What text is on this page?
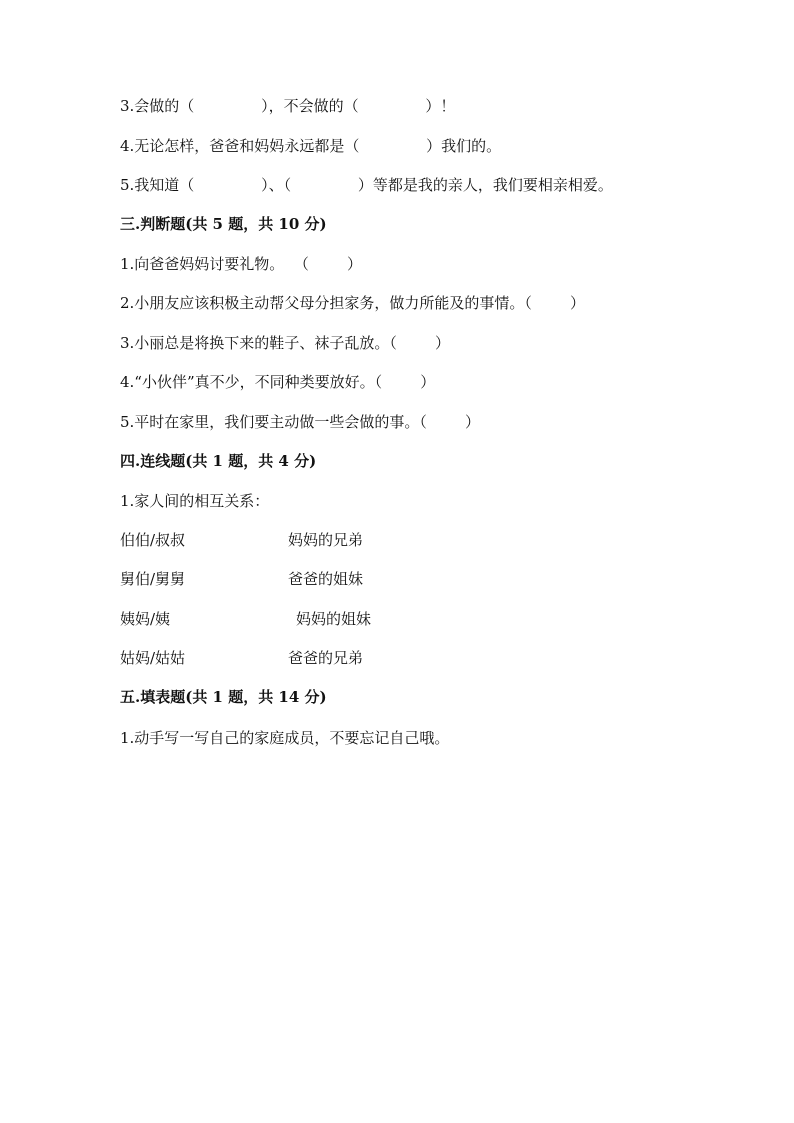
3.会做的（              ），不会做的（              ）！

4.无论怎样，爸爸和妈妈永远都是（              ）我们的。

5.我知道（              ）、（              ）等都是我的亲人，我们要相亲相爱。

三.判断题(共 5 题，共 10 分)

1.向爸爸妈妈讨要礼物。  （        ）

2.小朋友应该积极主动帮父母分担家务，做力所能及的事情。（        ）

3.小丽总是将换下来的鞋子、袜子乱放。（        ）

4.“小伙伴”真不少，不同种类要放好。（        ）

5.平时在家里，我们要主动做一些会做的事。（        ）

四.连线题(共 1 题，共 4 分)

1.家人间的相互关系：

伯伯/叔叔	妈妈的兄弟

舅伯/舅舅	爸爸的姐妹

姨妈/姨	妈妈的姐妹

姑妈/姑姑	爸爸的兄弟

五.填表题(共 1 题，共 14 分)

1.动手写一写自己的家庭成员，不要忘记自己哦。
